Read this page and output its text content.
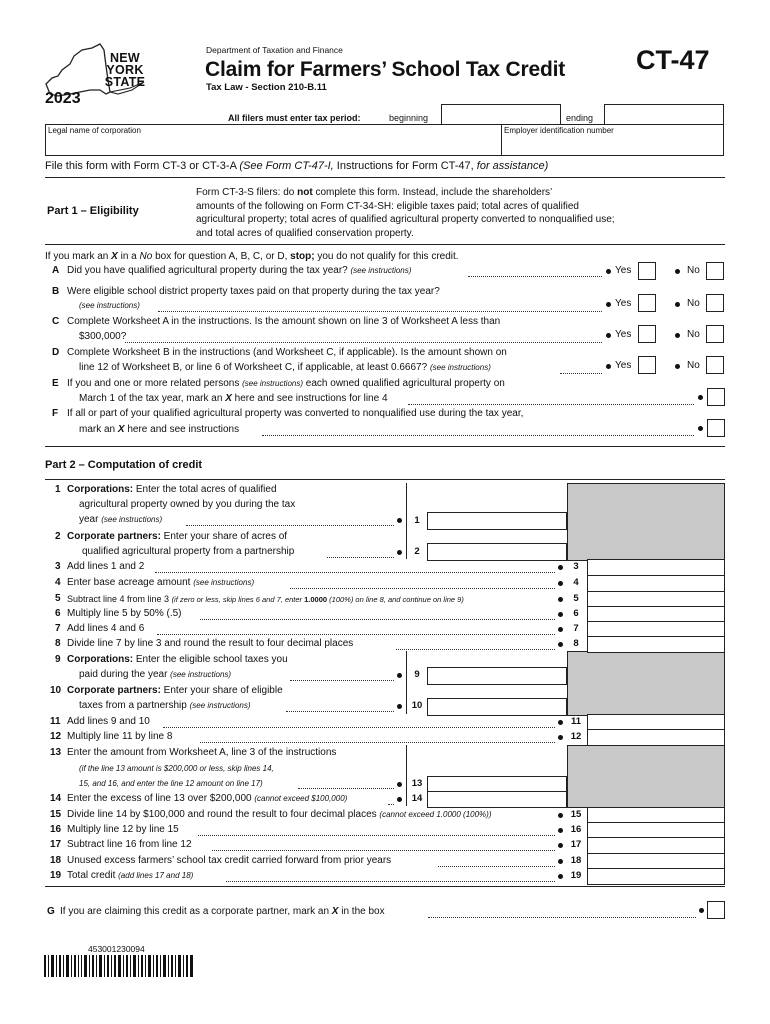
NEW
YORK
STATE
2023
Department of Taxation and Finance
Claim for Farmers’ School Tax Credit
Tax Law - Section 210-B.11
CT-47
All filers must enter tax period:	beginning	ending
Legal name of corporation	Employer identification number
File this form with Form CT-3 or CT-3-A (See Form CT-47-I, Instructions for Form CT-47, for assistance)
Part 1 – Eligibility
Form CT-3-S filers: do not complete this form. Instead, include the shareholders’
amounts of the following on Form CT-34-SH: eligible taxes paid; total acres of qualified
agricultural property; total acres of qualified agricultural property converted to nonqualified use;
and total acres of qualified conservation property.
If you mark an X in a No box for question A, B, C, or D, stop; you do not qualify for this credit.
A Did you have qualified agricultural property during the tax year? (see instructions)	Yes	No
B Were eligible school district property taxes paid on that property during the tax year?
(see instructions)	Yes	No
C Complete Worksheet A in the instructions. Is the amount shown on line 3 of Worksheet A less than
$300,000?	Yes	No
D Complete Worksheet B in the instructions (and Worksheet C, if applicable). Is the amount shown on
line 12 of Worksheet B, or line 6 of Worksheet C, if applicable, at least 0.6667? (see instructions)	Yes	No
E If you and one or more related persons (see instructions) each owned qualified agricultural property on
March 1 of the tax year, mark an X here and see instructions for line 4
F If all or part of your qualified agricultural property was converted to nonqualified use during the tax year,
mark an X here and see instructions
Part 2 – Computation of credit
1 Corporations: Enter the total acres of qualified
agricultural property owned by you during the tax
year (see instructions)	1
2 Corporate partners: Enter your share of acres of
qualified agricultural property from a partnership	2
3 Add lines 1 and 2	3
4 Enter base acreage amount (see instructions)	4
5 Subtract line 4 from line 3 (if zero or less, skip lines 6 and 7, enter 1.0000 (100%) on line 8, and continue on line 9)	5
6 Multiply line 5 by 50% (.5)	6
7 Add lines 4 and 6	7
8 Divide line 7 by line 3 and round the result to four decimal places	8
9 Corporations: Enter the eligible school taxes you
paid during the year (see instructions)	9
10 Corporate partners: Enter your share of eligible
taxes from a partnership (see instructions)	10
11 Add lines 9 and 10	11
12 Multiply line 11 by line 8	12
13 Enter the amount from Worksheet A, line 3 of the instructions
(if the line 13 amount is $200,000 or less, skip lines 14,
15, and 16, and enter the line 12 amount on line 17)	13
14 Enter the excess of line 13 over $200,000 (cannot exceed $100,000)	14
15 Divide line 14 by $100,000 and round the result to four decimal places (cannot exceed 1.0000 (100%))	15
16 Multiply line 12 by line 15	16
17 Subtract line 16 from line 12	17
18 Unused excess farmers’ school tax credit carried forward from prior years	18
19 Total credit (add lines 17 and 18)	19
G If you are claiming this credit as a corporate partner, mark an X in the box
453001230094
